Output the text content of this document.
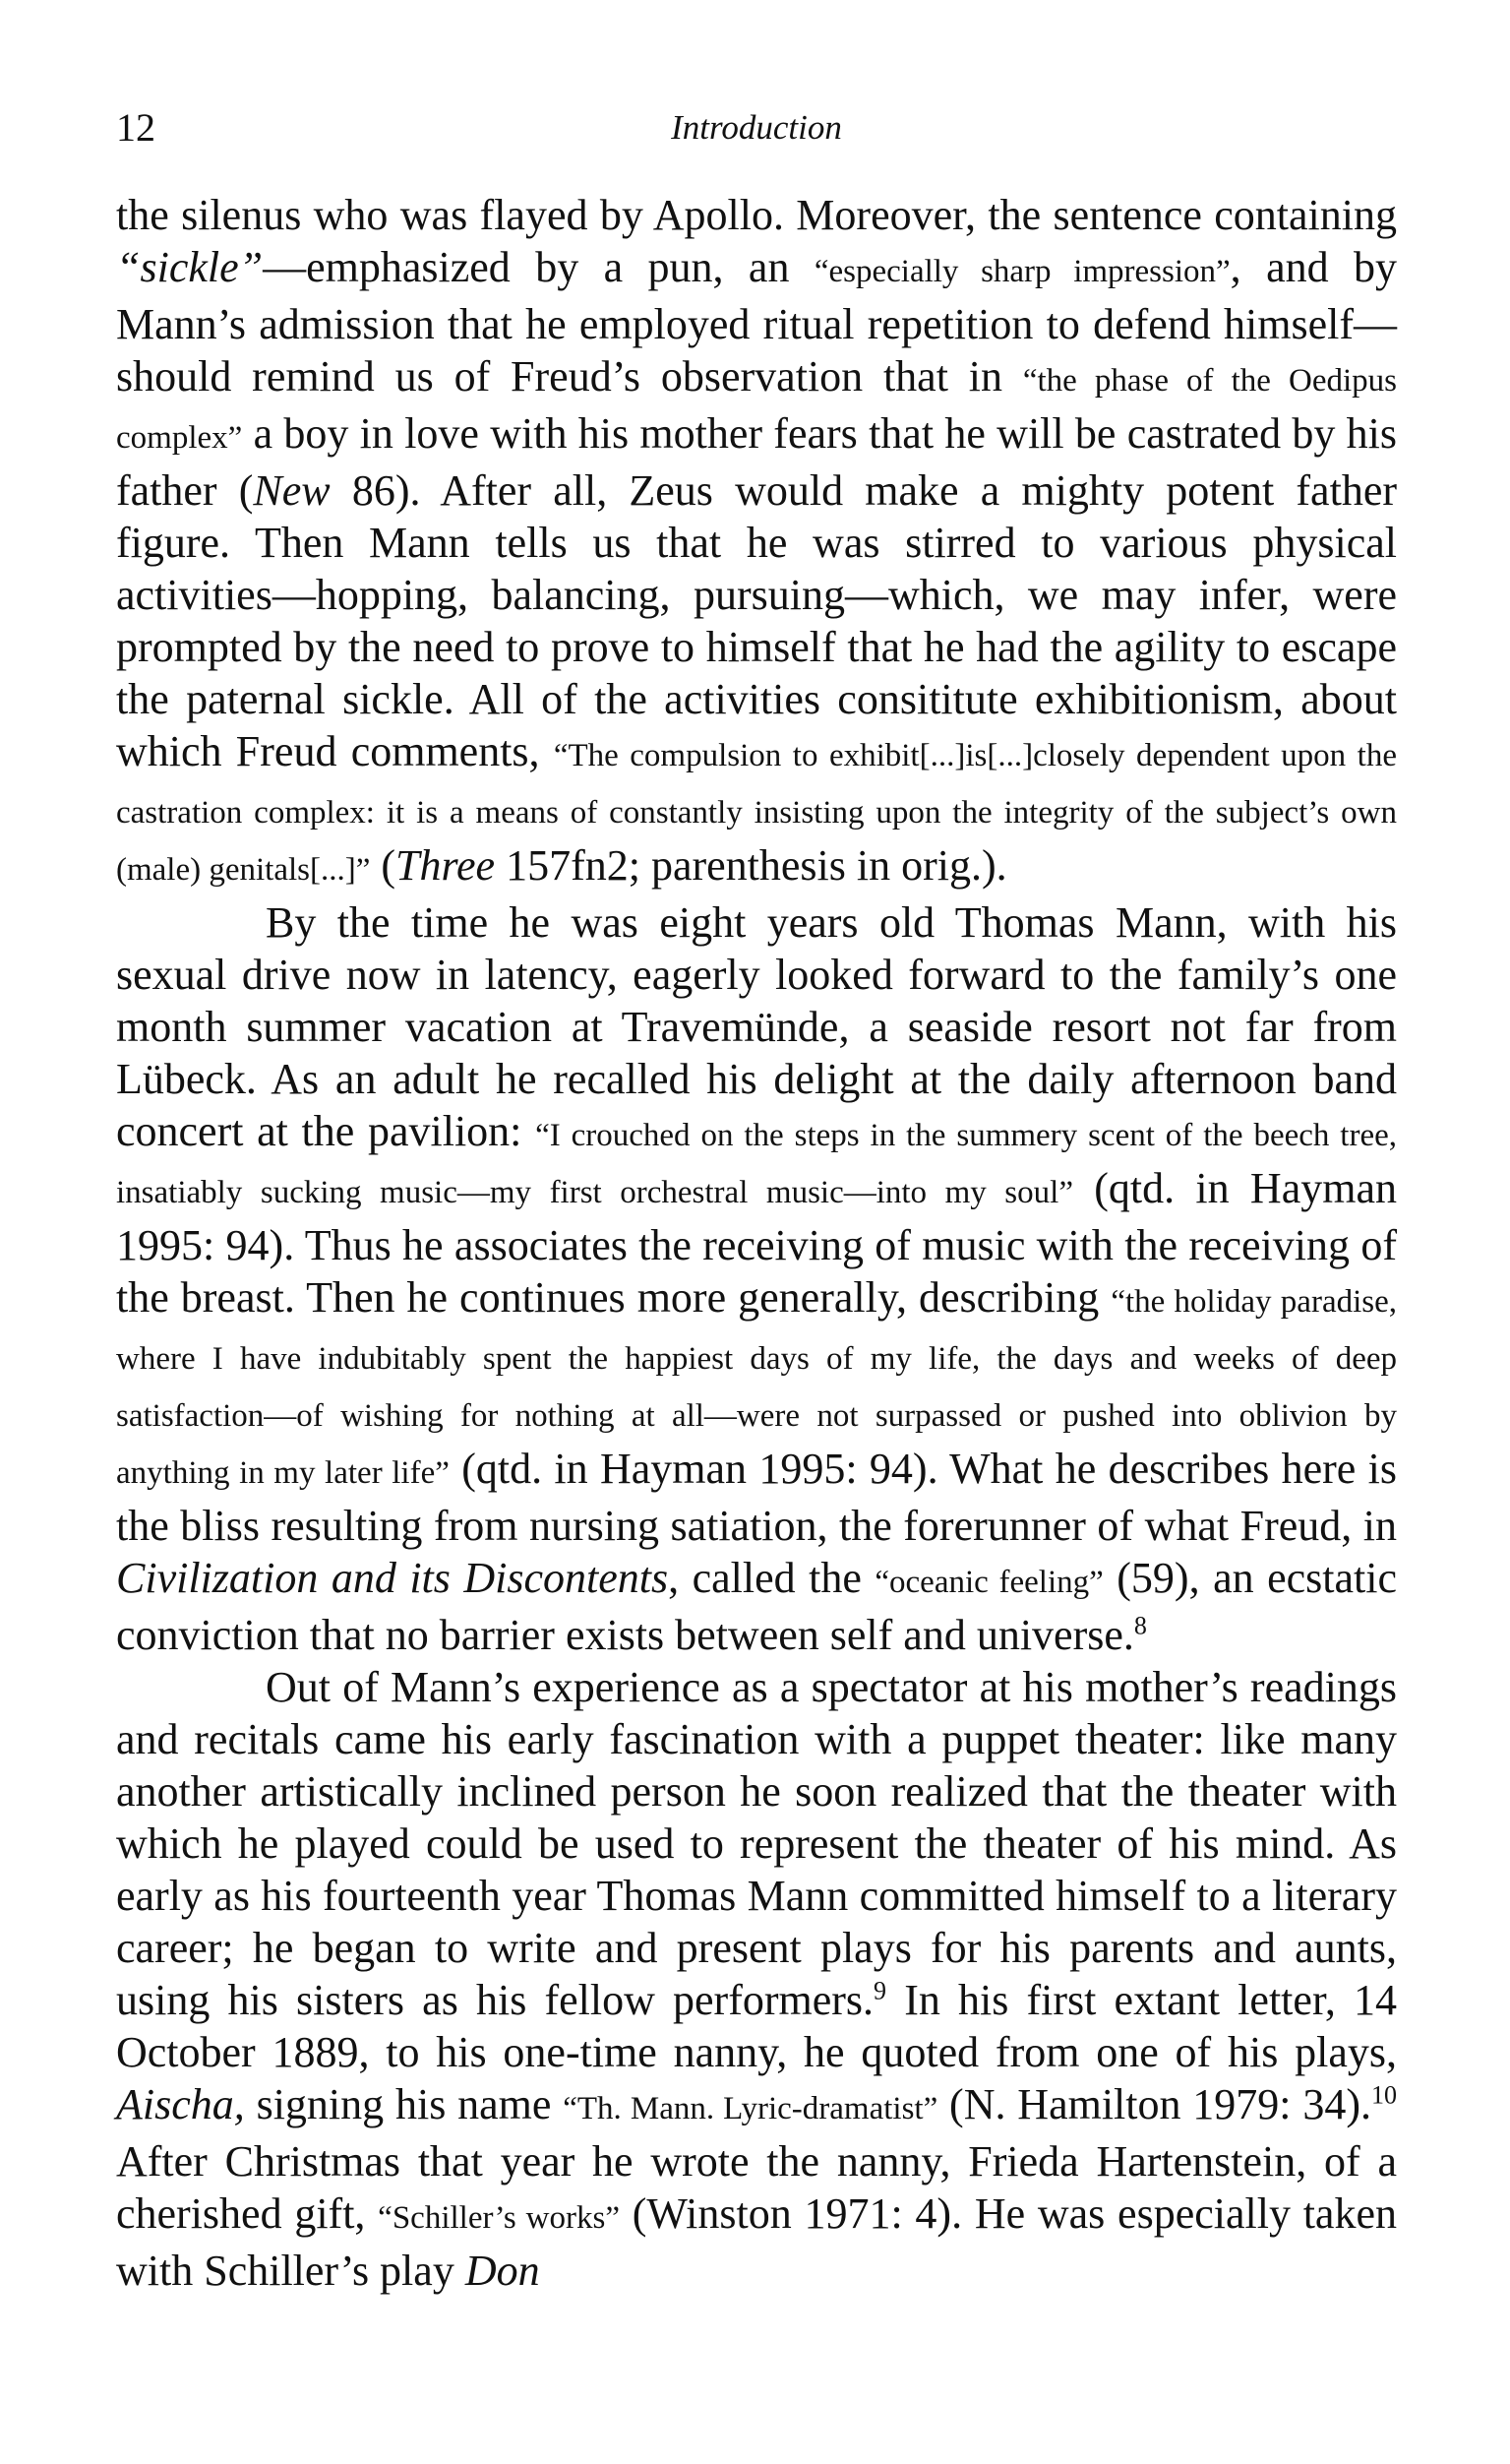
12	Introduction

the silenus who was flayed by Apollo. Moreover, the sentence containing “sickle”—emphasized by a pun, an “especially sharp impression”, and by Mann’s admission that he employed ritual repetition to defend himself—should remind us of Freud’s observation that in “the phase of the Oedipus complex” a boy in love with his mother fears that he will be castrated by his father (New 86). After all, Zeus would make a mighty potent father figure. Then Mann tells us that he was stirred to various physical activities—hopping, balancing, pursuing—which, we may infer, were prompted by the need to prove to himself that he had the agility to escape the paternal sickle. All of the activities consititute exhibitionism, about which Freud comments, “The compulsion to exhibit[...]is[...]closely dependent upon the castration complex: it is a means of constantly insisting upon the integrity of the subject’s own (male) genitals[...]” (Three 157fn2; parenthesis in orig.).

By the time he was eight years old Thomas Mann, with his sexual drive now in latency, eagerly looked forward to the family’s one month summer vacation at Travemünde, a seaside resort not far from Lübeck. As an adult he recalled his delight at the daily afternoon band concert at the pavilion: “I crouched on the steps in the summery scent of the beech tree, insatiably sucking music—my first orchestral music—into my soul” (qtd. in Hayman 1995: 94). Thus he associates the receiving of music with the receiving of the breast. Then he continues more generally, describing “the holiday paradise, where I have indubitably spent the happiest days of my life, the days and weeks of deep satisfaction—of wishing for nothing at all—were not surpassed or pushed into oblivion by anything in my later life” (qtd. in Hayman 1995: 94). What he describes here is the bliss resulting from nursing satiation, the forerunner of what Freud, in Civilization and its Discontents, called the “oceanic feeling” (59), an ecstatic conviction that no barrier exists between self and universe.$^8$

Out of Mann’s experience as a spectator at his mother’s readings and recitals came his early fascination with a puppet theater: like many another artistically inclined person he soon realized that the theater with which he played could be used to represent the theater of his mind. As early as his fourteenth year Thomas Mann committed himself to a literary career; he began to write and present plays for his parents and aunts, using his sisters as his fellow performers.$^9$ In his first extant letter, 14 October 1889, to his one-time nanny, he quoted from one of his plays, Aischa, signing his name “Th. Mann. Lyric-dramatist” (N. Hamilton 1979: 34).$^{10}$ After Christmas that year he wrote the nanny, Frieda Hartenstein, of a cherished gift, “Schiller’s works” (Winston 1971: 4). He was especially taken with Schiller’s play Don
